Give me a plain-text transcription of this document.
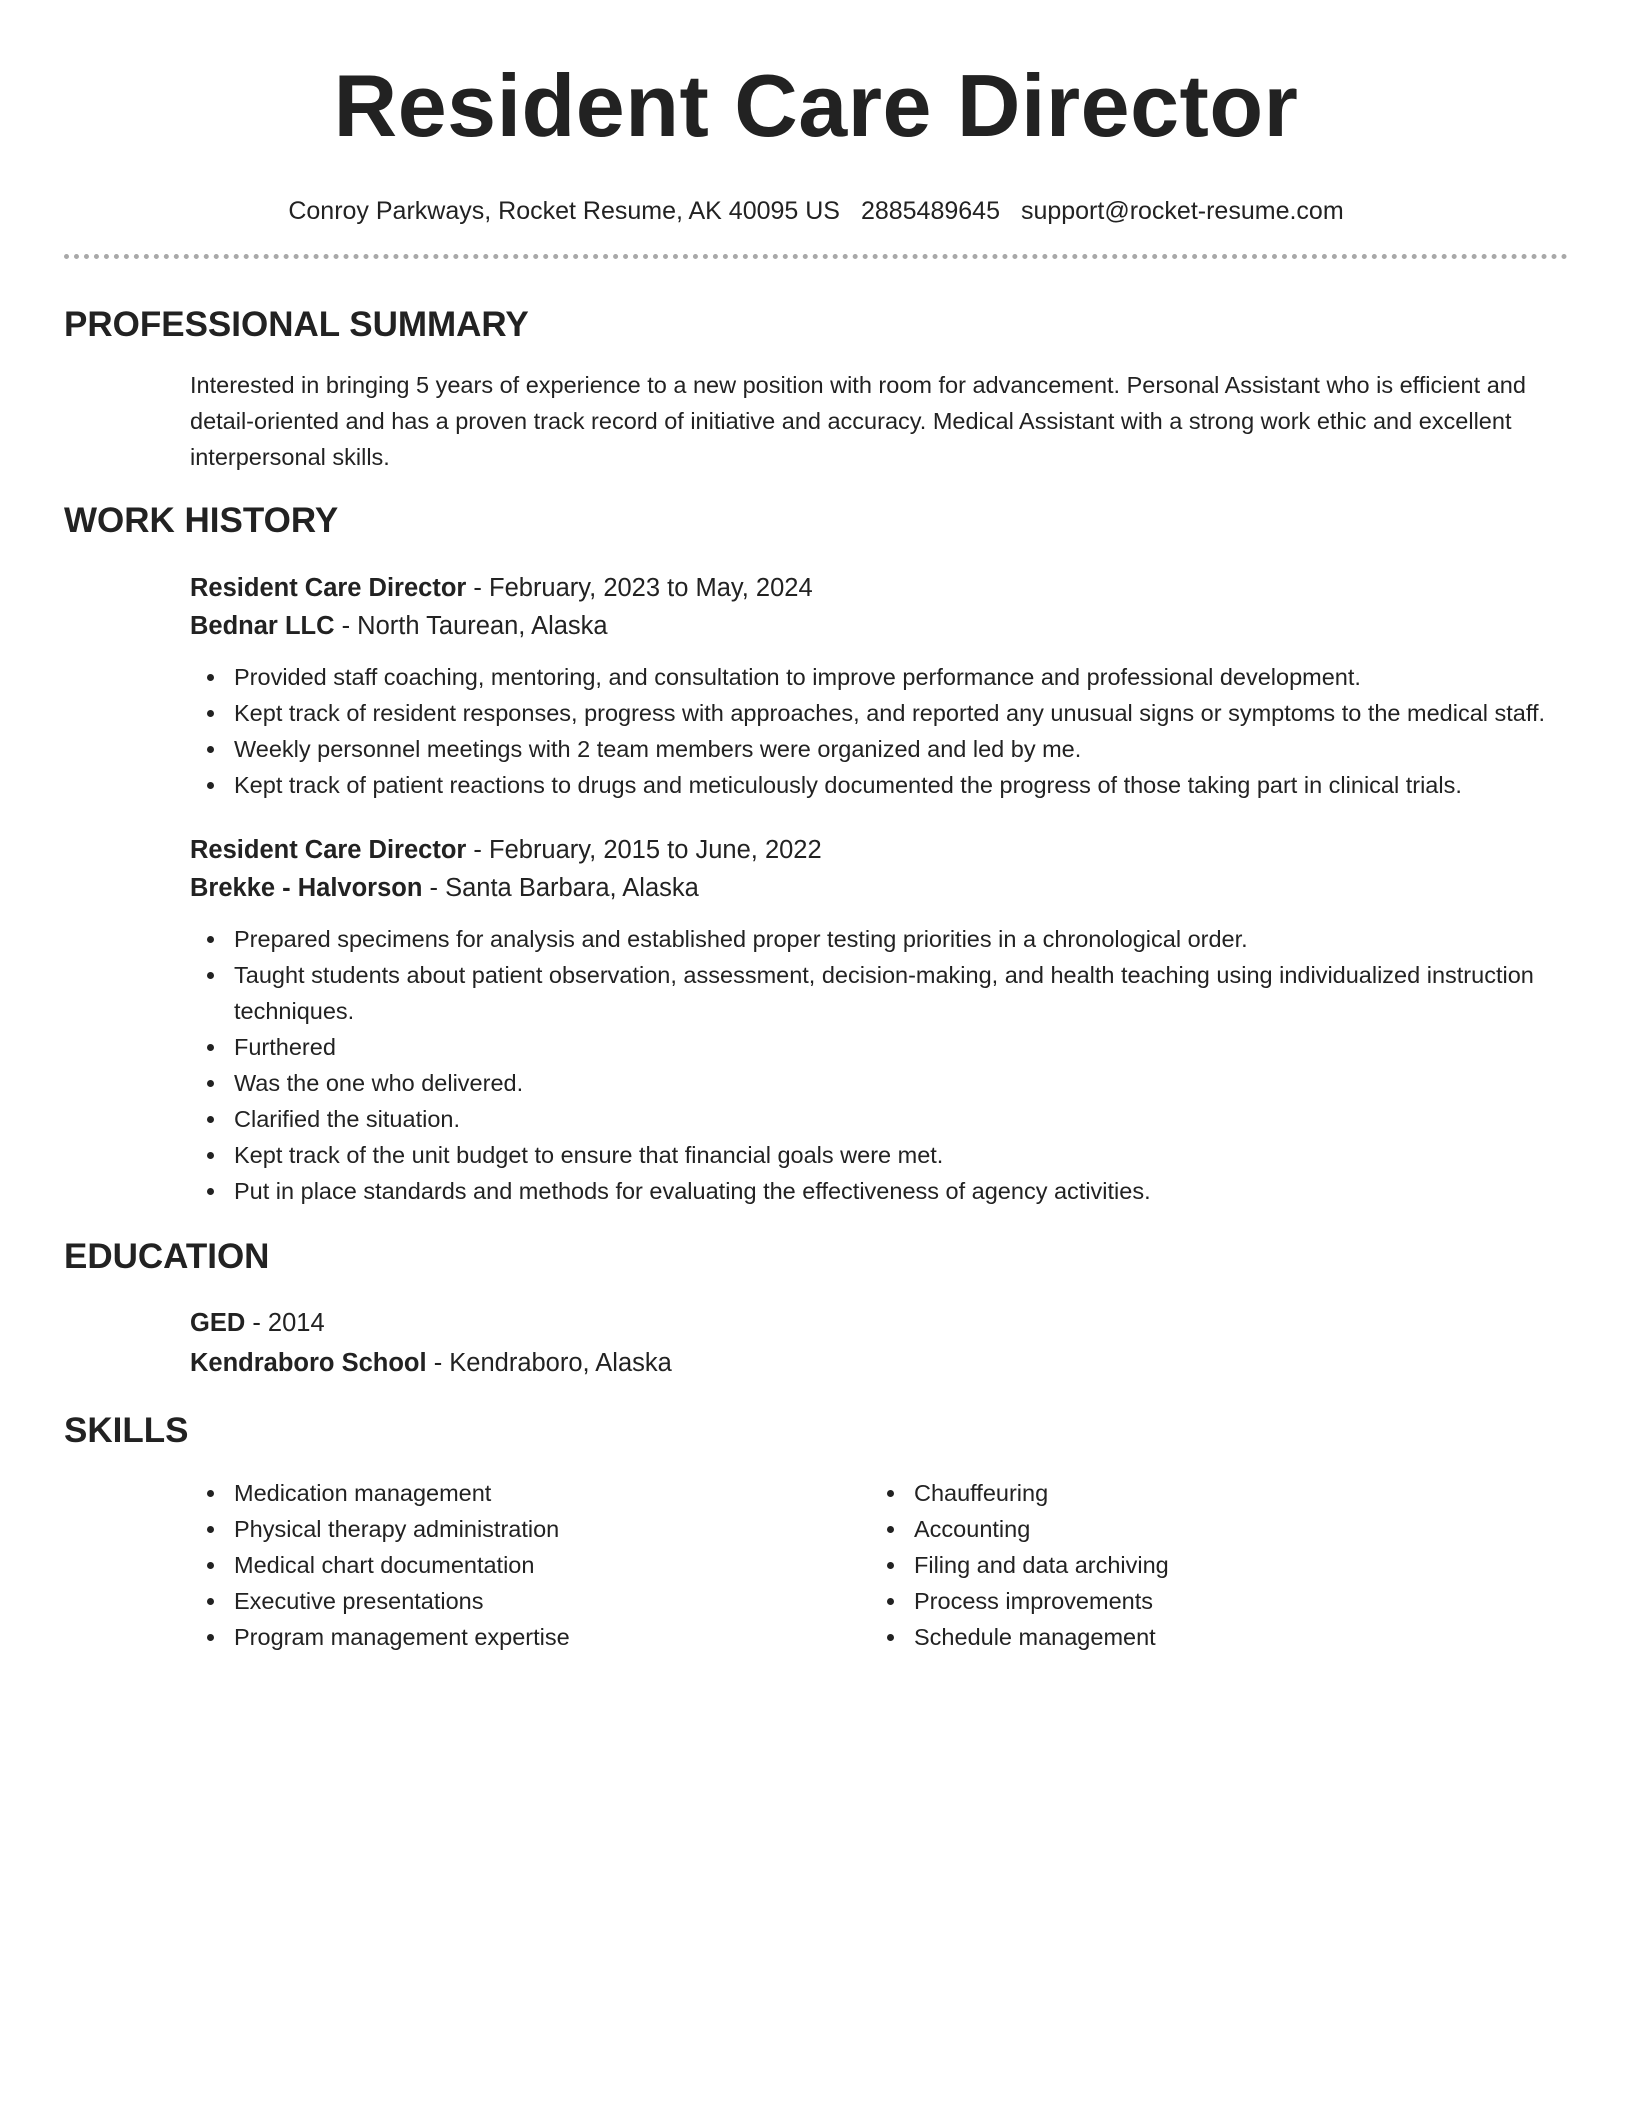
Resident Care Director
Conroy Parkways, Rocket Resume, AK 40095 US 2885489645 support@rocket-resume.com
PROFESSIONAL SUMMARY
Interested in bringing 5 years of experience to a new position with room for advancement. Personal Assistant who is efficient and detail-oriented and has a proven track record of initiative and accuracy. Medical Assistant with a strong work ethic and excellent interpersonal skills.
WORK HISTORY
Resident Care Director - February, 2023 to May, 2024
Bednar LLC - North Taurean, Alaska
Provided staff coaching, mentoring, and consultation to improve performance and professional development.
Kept track of resident responses, progress with approaches, and reported any unusual signs or symptoms to the medical staff.
Weekly personnel meetings with 2 team members were organized and led by me.
Kept track of patient reactions to drugs and meticulously documented the progress of those taking part in clinical trials.
Resident Care Director - February, 2015 to June, 2022
Brekke - Halvorson - Santa Barbara, Alaska
Prepared specimens for analysis and established proper testing priorities in a chronological order.
Taught students about patient observation, assessment, decision-making, and health teaching using individualized instruction techniques.
Furthered
Was the one who delivered.
Clarified the situation.
Kept track of the unit budget to ensure that financial goals were met.
Put in place standards and methods for evaluating the effectiveness of agency activities.
EDUCATION
GED - 2014
Kendraboro School - Kendraboro, Alaska
SKILLS
Medication management
Physical therapy administration
Medical chart documentation
Executive presentations
Program management expertise
Chauffeuring
Accounting
Filing and data archiving
Process improvements
Schedule management
